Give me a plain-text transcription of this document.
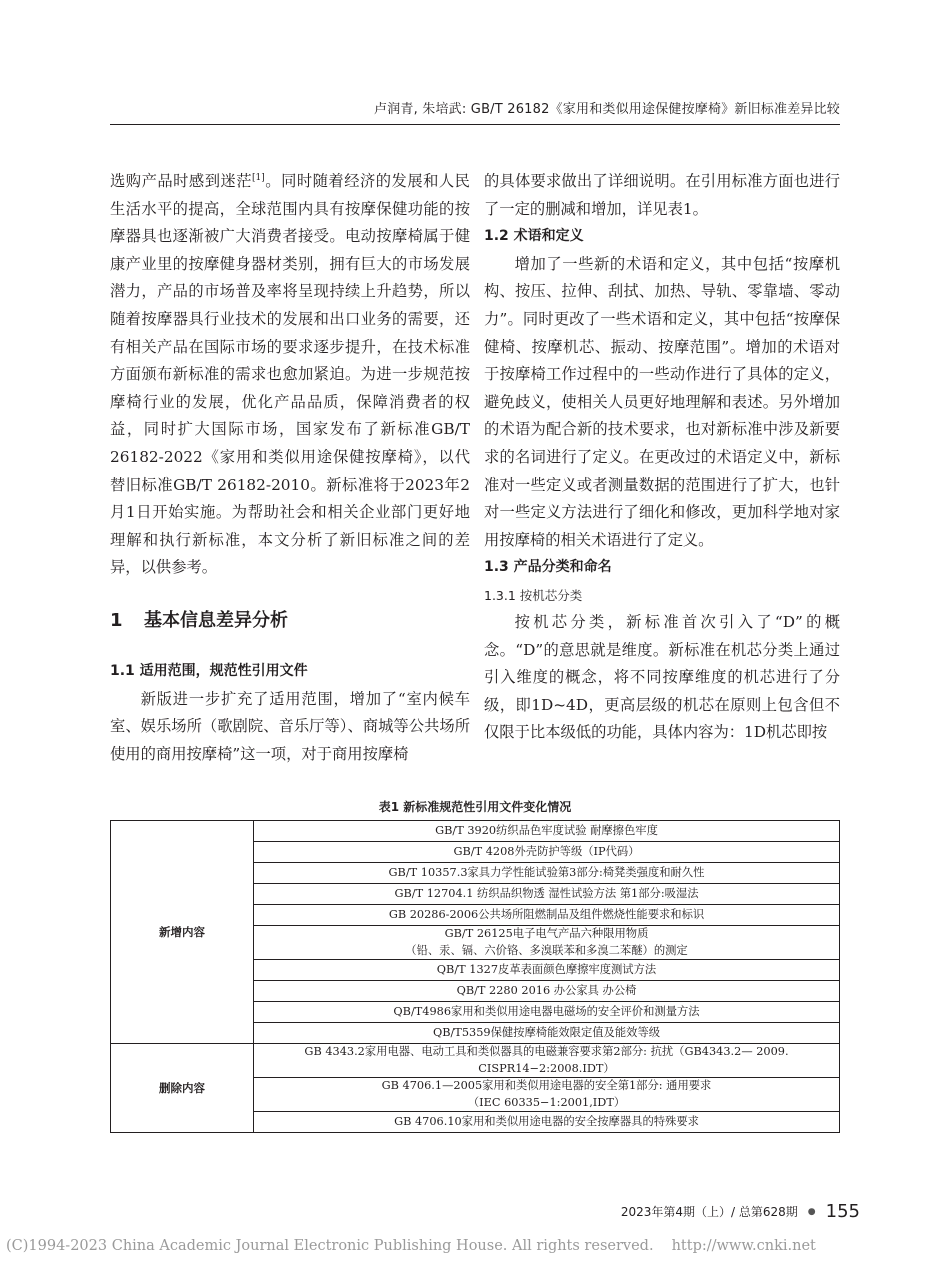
卢润青, 朱培武: GB/T 26182《家用和类似用途保健按摩椅》新旧标准差异比较

选购产品时感到迷茫[1]。同时随着经济的发展和人民生活水平的提高，全球范围内具有按摩保健功能的按摩器具也逐渐被广大消费者接受。电动按摩椅属于健康产业里的按摩健身器材类别，拥有巨大的市场发展潜力，产品的市场普及率将呈现持续上升趋势，所以随着按摩器具行业技术的发展和出口业务的需要，还有相关产品在国际市场的要求逐步提升，在技术标准方面颁布新标准的需求也愈加紧迫。为进一步规范按摩椅行业的发展，优化产品品质，保障消费者的权益，同时扩大国际市场，国家发布了新标准GB/T 26182-2022《家用和类似用途保健按摩椅》，以代替旧标准GB/T 26182-2010。新标准将于2023年2月1日开始实施。为帮助社会和相关企业部门更好地理解和执行新标准，本文分析了新旧标准之间的差异，以供参考。

1 基本信息差异分析

1.1 适用范围，规范性引用文件

新版进一步扩充了适用范围，增加了“室内候车室、娱乐场所（歌剧院、音乐厅等）、商城等公共场所使用的商用按摩椅”这一项，对于商用按摩椅

的具体要求做出了详细说明。在引用标准方面也进行了一定的删减和增加，详见表1。

1.2 术语和定义

增加了一些新的术语和定义，其中包括“按摩机构、按压、拉伸、刮拭、加热、导轨、零靠墙、零动力”。同时更改了一些术语和定义，其中包括“按摩保健椅、按摩机芯、振动、按摩范围”。增加的术语对于按摩椅工作过程中的一些动作进行了具体的定义，避免歧义，使相关人员更好地理解和表述。另外增加的术语为配合新的技术要求，也对新标准中涉及新要求的名词进行了定义。在更改过的术语定义中，新标准对一些定义或者测量数据的范围进行了扩大，也针对一些定义方法进行了细化和修改，更加科学地对家用按摩椅的相关术语进行了定义。

1.3 产品分类和命名

1.3.1 按机芯分类

按机芯分类，新标准首次引入了“D”的概念。“D”的意思就是维度。新标准在机芯分类上通过引入维度的概念，将不同按摩维度的机芯进行了分级，即1D~4D，更高层级的机芯在原则上包含但不仅限于比本级低的功能，具体内容为：1D机芯即按

表1 新标准规范性引用文件变化情况
新增内容	GB/T 3920纺织品色牢度试验 耐摩擦色牢度

	GB/T 4208外壳防护等级（IP代码）

	GB/T 10357.3家具力学性能试验第3部分:椅凳类强度和耐久性

	GB/T 12704.1 纺织品织物透 湿性试验方法 第1部分:吸湿法

	GB 20286-2006公共场所阻燃制品及组件燃烧性能要求和标识

	GB/T 26125电子电气产品六种限用物质
（铅、汞、镉、六价铬、多溴联苯和多溴二苯醚）的测定

	QB/T 1327皮革表面颜色摩擦牢度测试方法

	QB/T 2280 2016 办公家具 办公椅

	QB/T4986家用和类似用途电器电磁场的安全评价和测量方法

	QB/T5359保健按摩椅能效限定值及能效等级

删除内容	GB 4343.2家用电器、电动工具和类似器具的电磁兼容要求第2部分: 抗扰（GB4343.2— 2009.
CISPR14−2:2008.IDT）

	GB 4706.1—2005家用和类似用途电器的安全第1部分: 通用要求
（IEC 60335−1:2001,IDT）

	GB 4706.10家用和类似用途电器的安全按摩器具的特殊要求
2023年第4期（上）/ 总第628期 ● 155
(C)1994-2023 China Academic Journal Electronic Publishing House. All rights reserved. http://www.cnki.net
